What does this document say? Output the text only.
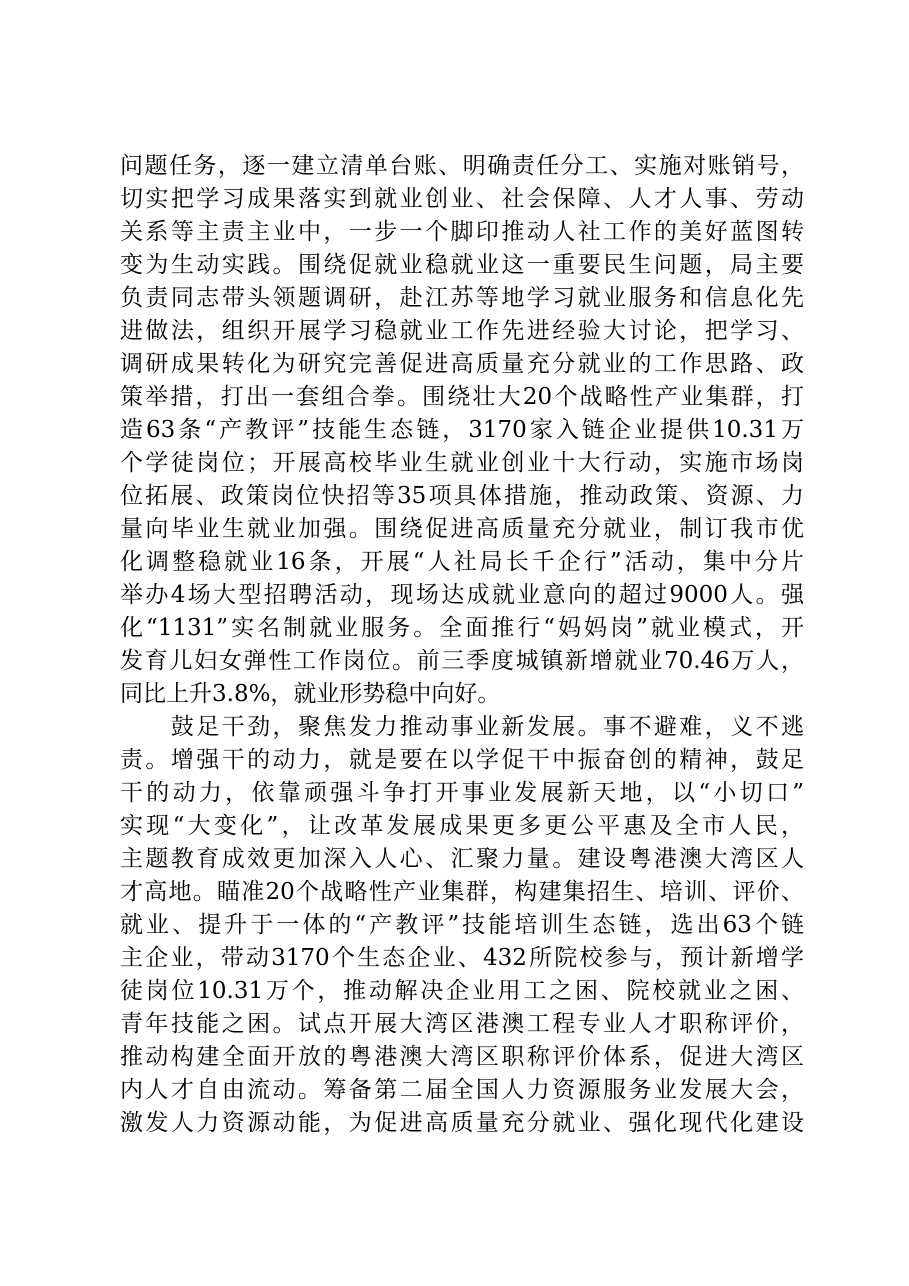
问题任务，逐一建立清单台账、明确责任分工、实施对账销号，
切实把学习成果落实到就业创业、社会保障、人才人事、劳动
关系等主责主业中，一步一个脚印推动人社工作的美好蓝图转
变为生动实践。围绕促就业稳就业这一重要民生问题，局主要
负责同志带头领题调研，赴江苏等地学习就业服务和信息化先
进做法，组织开展学习稳就业工作先进经验大讨论，把学习、
调研成果转化为研究完善促进高质量充分就业的工作思路、政
策举措，打出一套组合拳。围绕壮大20个战略性产业集群，打
造63条“产教评”技能生态链，3170家入链企业提供10.31万
个学徒岗位；开展高校毕业生就业创业十大行动，实施市场岗
位拓展、政策岗位快招等35项具体措施，推动政策、资源、力
量向毕业生就业加强。围绕促进高质量充分就业，制订我市优
化调整稳就业16条，开展“人社局长千企行”活动，集中分片
举办4场大型招聘活动，现场达成就业意向的超过9000人。强
化“1131”实名制就业服务。全面推行“妈妈岗”就业模式，开
发育儿妇女弹性工作岗位。前三季度城镇新增就业70.46万人，
同比上升3.8%，就业形势稳中向好。
　　鼓足干劲，聚焦发力推动事业新发展。事不避难，义不逃
责。增强干的动力，就是要在以学促干中振奋创的精神，鼓足
干的动力，依靠顽强斗争打开事业发展新天地，以“小切口”
实现“大变化”，让改革发展成果更多更公平惠及全市人民，
主题教育成效更加深入人心、汇聚力量。建设粤港澳大湾区人
才高地。瞄准20个战略性产业集群，构建集招生、培训、评价、
就业、提升于一体的“产教评”技能培训生态链，选出63个链
主企业，带动3170个生态企业、432所院校参与，预计新增学
徒岗位10.31万个，推动解决企业用工之困、院校就业之困、
青年技能之困。试点开展大湾区港澳工程专业人才职称评价，
推动构建全面开放的粤港澳大湾区职称评价体系，促进大湾区
内人才自由流动。筹备第二届全国人力资源服务业发展大会，
激发人力资源动能，为促进高质量充分就业、强化现代化建设
